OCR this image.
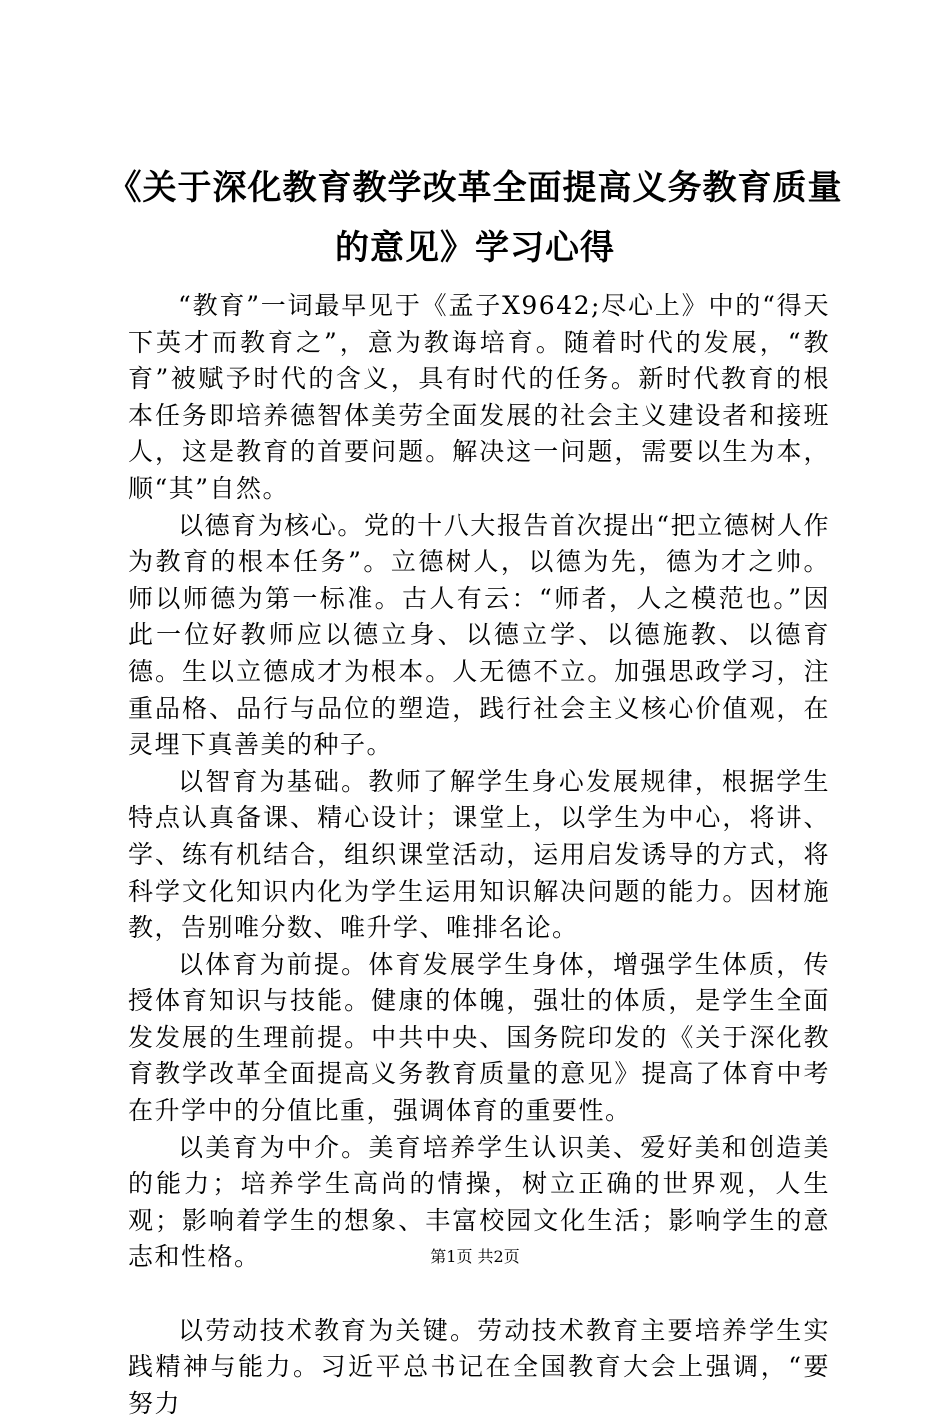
《关于深化教育教学改革全面提高义务教育质量的意见》学习心得

“教育”一词最早见于《孟子X9642;尽心上》中的“得天下英才而教育之”，意为教诲培育。随着时代的发展，“教育”被赋予时代的含义，具有时代的任务。新时代教育的根本任务即培养德智体美劳全面发展的社会主义建设者和接班人，这是教育的首要问题。解决这一问题，需要以生为本，顺“其”自然。

以德育为核心。党的十八大报告首次提出“把立德树人作为教育的根本任务”。立德树人，以德为先，德为才之帅。师以师德为第一标准。古人有云：“师者，人之模范也。”因此一位好教师应以德立身、以德立学、以德施教、以德育德。生以立德成才为根本。人无德不立。加强思政学习，注重品格、品行与品位的塑造，践行社会主义核心价值观，在灵埋下真善美的种子。

以智育为基础。教师了解学生身心发展规律，根据学生特点认真备课、精心设计；课堂上，以学生为中心，将讲、学、练有机结合，组织课堂活动，运用启发诱导的方式，将科学文化知识内化为学生运用知识解决问题的能力。因材施教，告别唯分数、唯升学、唯排名论。

以体育为前提。体育发展学生身体，增强学生体质，传授体育知识与技能。健康的体魄，强壮的体质，是学生全面发发展的生理前提。中共中央、国务院印发的《关于深化教育教学改革全面提高义务教育质量的意见》提高了体育中考在升学中的分值比重，强调体育的重要性。

以美育为中介。美育培养学生认识美、爱好美和创造美的能力；培养学生高尚的情操，树立正确的世界观，人生观；影响着学生的想象、丰富校园文化生活；影响学生的意志和性格。

以劳动技术教育为关键。劳动技术教育主要培养学生实践精神与能力。习近平总书记在全国教育大会上强调，“要努力

第1页 共2页
